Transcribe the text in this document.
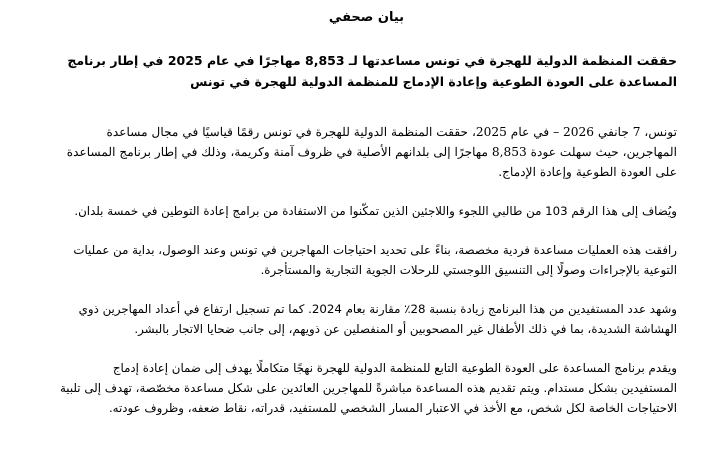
بيان صحفي
حققت المنظمة الدولية للهجرة في تونس مساعدتها لـ 8,853 مهاجرًا في عام 2025 في إطار برنامج المساعدة على العودة الطوعية وإعادة الإدماج للمنظمة الدولية للهجرة في تونس

تونس، 7 جانفي 2026 – في عام 2025، حققت المنظمة الدولية للهجرة في تونس رقمًا قياسيًا في مجال مساعدة المهاجرين، حيث سهلت عودة 8,853 مهاجرًا إلى بلدانهم الأصلية في ظروف آمنة وكريمة، وذلك في إطار برنامج المساعدة على العودة الطوعية وإعادة الإدماج.

ويُضاف إلى هذا الرقم 103 من طالبي اللجوء واللاجئين الذين تمكّنوا من الاستفادة من برامج إعادة التوطين في خمسة بلدان.

رافقت هذه العمليات مساعدة فردية مخصصة، بناءً على تحديد احتياجات المهاجرين في تونس وعند الوصول، بداية من عمليات التوعية بالإجراءات وصولًا إلى التنسيق اللوجستي للرحلات الجوية التجارية والمستأجرة.

وشهد عدد المستفيدين من هذا البرنامج زيادة بنسبة 28٪ مقارنة بعام 2024. كما تم تسجيل ارتفاع في أعداد المهاجرين ذوي الهشاشة الشديدة، بما في ذلك الأطفال غير المصحوبين أو المنفصلين عن ذويهم، إلى جانب ضحايا الاتجار بالبشر.

ويقدم برنامج المساعدة على العودة الطوعية التابع للمنظمة الدولية للهجرة نهجًا متكاملًا يهدف إلى ضمان إعادة إدماج المستفيدين بشكل مستدام. ويتم تقديم هذه المساعدة مباشرةً للمهاجرين العائدين على شكل مساعدة مخصّصة، تهدف إلى تلبية الاحتياجات الخاصة لكل شخص، مع الأخذ في الاعتبار المسار الشخصي للمستفيد، قدراته، نقاط ضعفه، وظروف عودته.
